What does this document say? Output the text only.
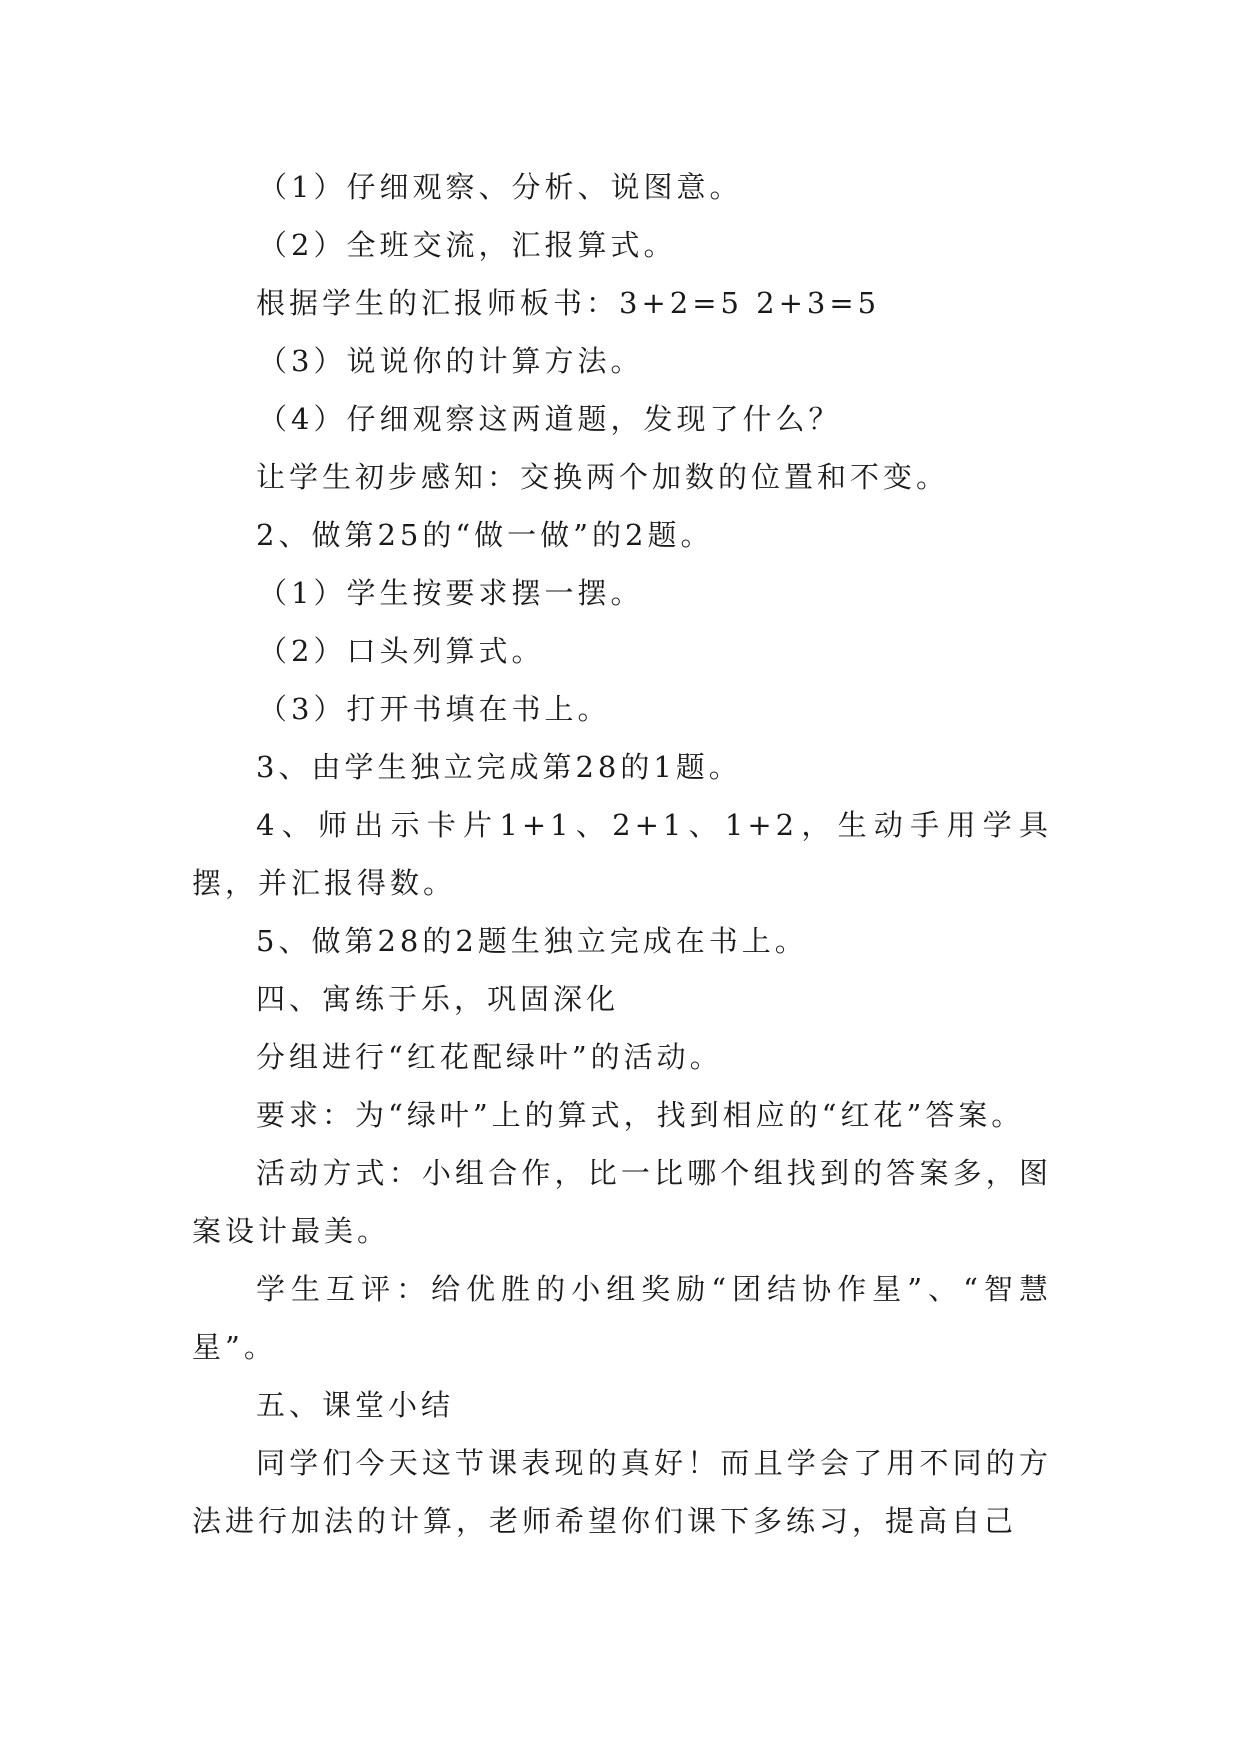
（1）仔细观察、分析、说图意。

（2）全班交流，汇报算式。

根据学生的汇报师板书：3+2=5 2+3=5

（3）说说你的计算方法。

（4）仔细观察这两道题，发现了什么？

让学生初步感知：交换两个加数的位置和不变。

2、做第25的“做一做”的2题。

（1）学生按要求摆一摆。

（2）口头列算式。

（3）打开书填在书上。

3、由学生独立完成第28的1题。

4、师出示卡片1+1、2+1、1+2，生动手用学具摆，并汇报得数。

5、做第28的2题生独立完成在书上。

四、寓练于乐，巩固深化

分组进行“红花配绿叶”的活动。

要求：为“绿叶”上的算式，找到相应的“红花”答案。

活动方式：小组合作，比一比哪个组找到的答案多，图案设计最美。

学生互评：给优胜的小组奖励“团结协作星”、“智慧星”。

五、课堂小结

同学们今天这节课表现的真好！而且学会了用不同的方法进行加法的计算，老师希望你们课下多练习，提高自己
